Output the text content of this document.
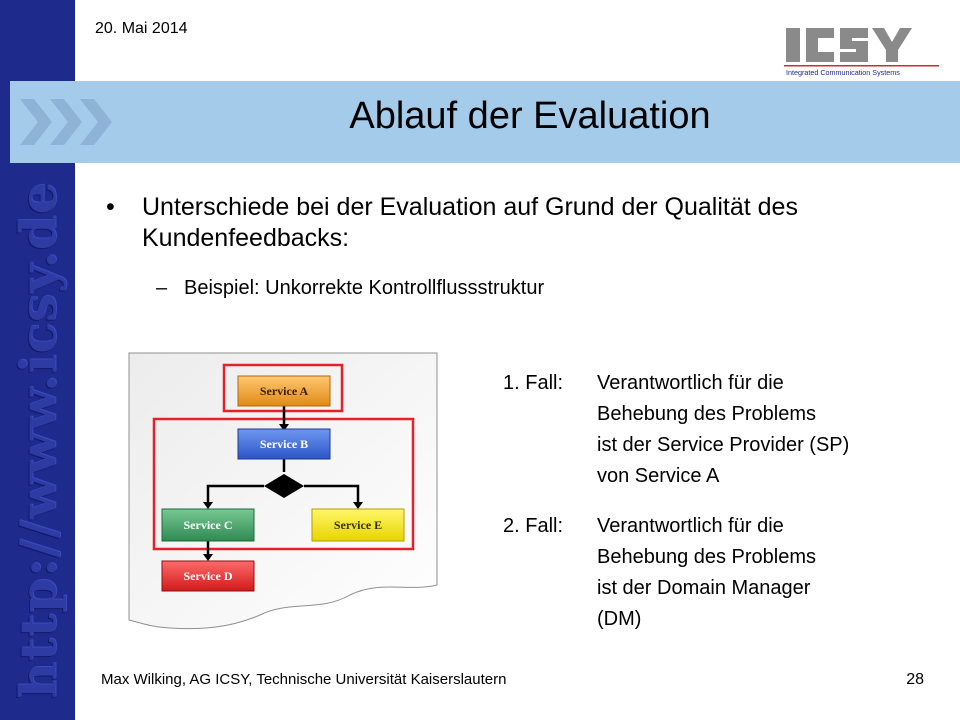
http://www.icsy.de
20. Mai 2014
Integrated Communication Systems
Ablauf der Evaluation
• Unterschiede bei der Evaluation auf Grund der Qualität des Kundenfeedbacks:
– Beispiel: Unkorrekte Kontrollflussstruktur
Service A
Service B
Service C	Service E
Service D
1. Fall: Verantwortlich für die
Behebung des Problems
ist der Service Provider (SP)
von Service A
2. Fall: Verantwortlich für die
Behebung des Problems
ist der Domain Manager
(DM)
Max Wilking, AG ICSY, Technische Universität Kaiserslautern	28
